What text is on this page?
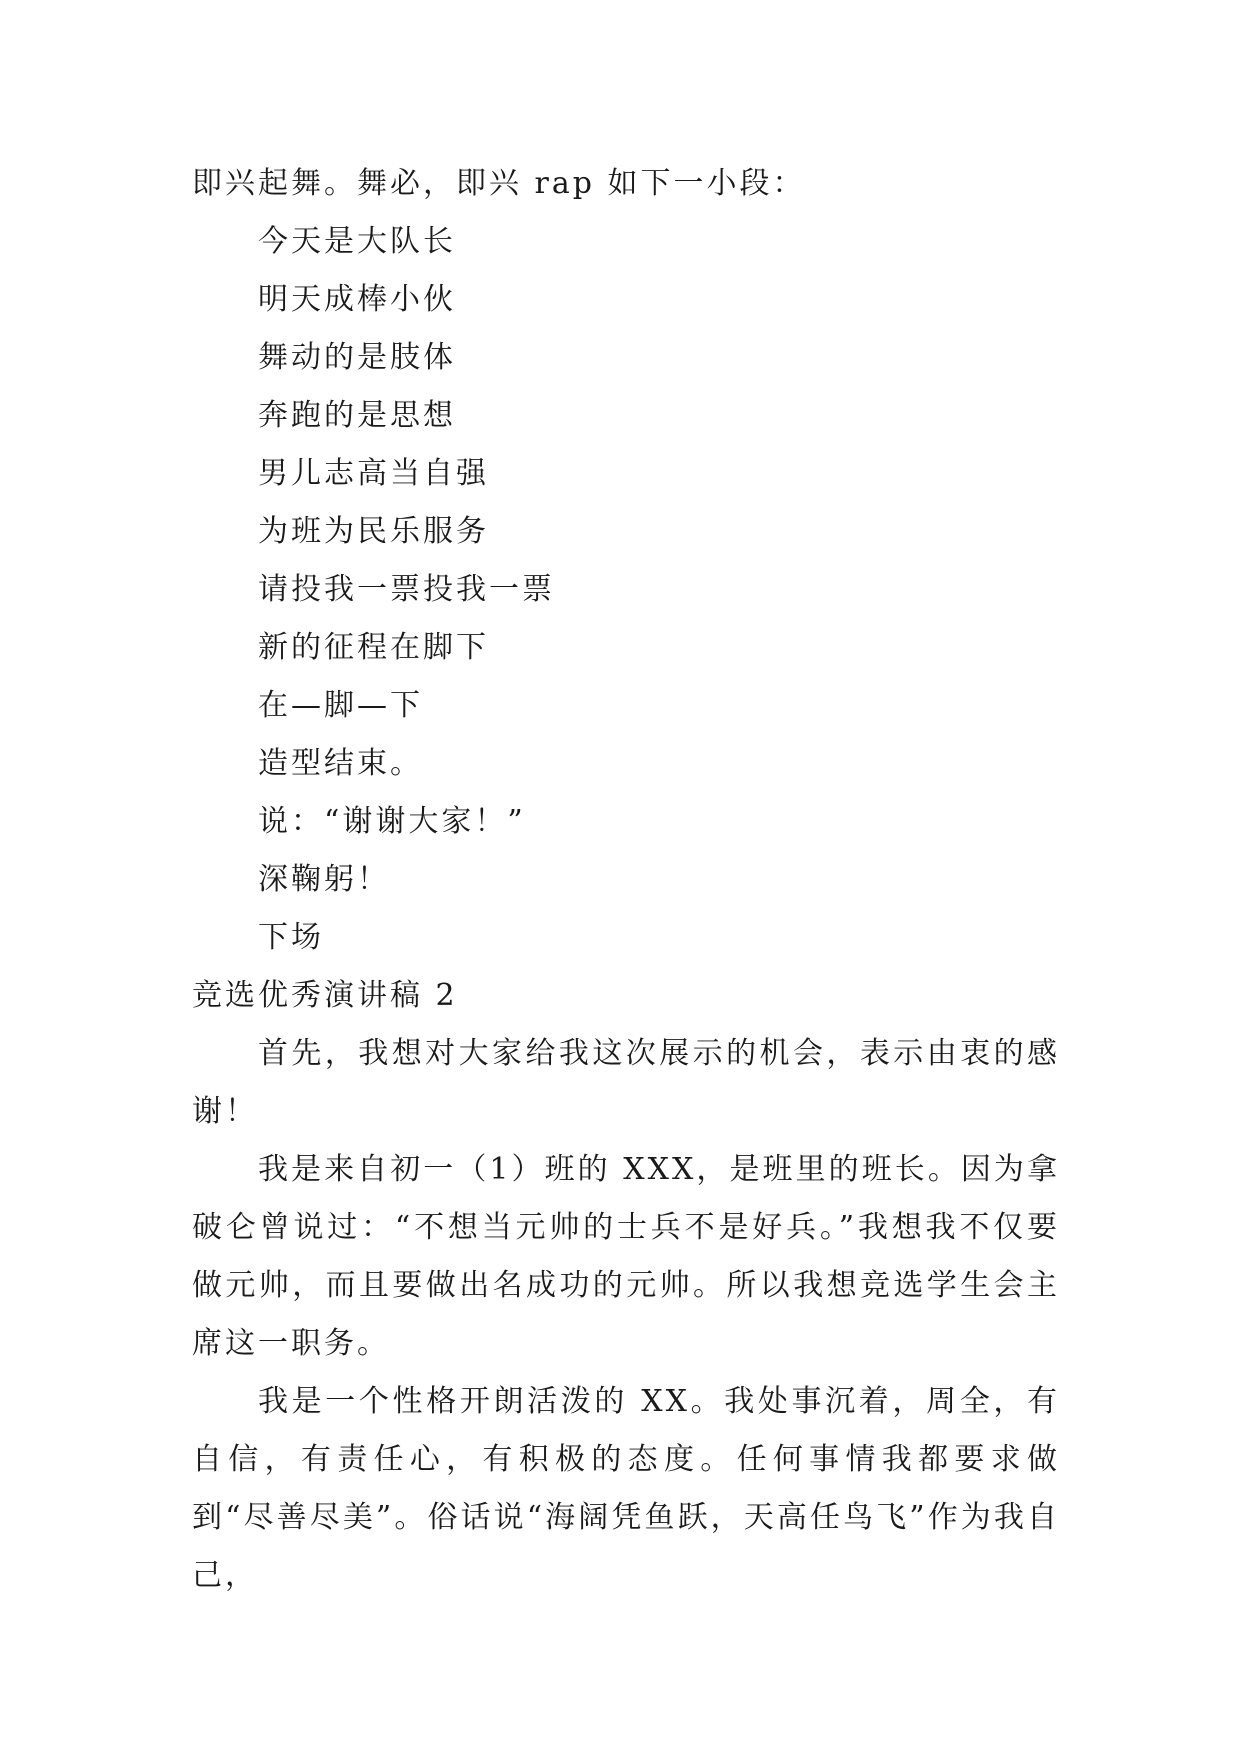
即兴起舞。舞必，即兴 rap 如下一小段：
今天是大队长
明天成棒小伙
舞动的是肢体
奔跑的是思想
男儿志高当自强
为班为民乐服务
请投我一票投我一票
新的征程在脚下
在—脚—下
造型结束。
说：“谢谢大家！”
深鞠躬！
下场
竞选优秀演讲稿 2

首先，我想对大家给我这次展示的机会，表示由衷的感谢！

我是来自初一（1）班的 XXX，是班里的班长。因为拿破仑曾说过：“不想当元帅的士兵不是好兵。”我想我不仅要做元帅，而且要做出名成功的元帅。所以我想竞选学生会主席这一职务。

我是一个性格开朗活泼的 XX。我处事沉着，周全，有自信，有责任心，有积极的态度。任何事情我都要求做到“尽善尽美”。俗话说“海阔凭鱼跃，天高任鸟飞”作为我自己，
